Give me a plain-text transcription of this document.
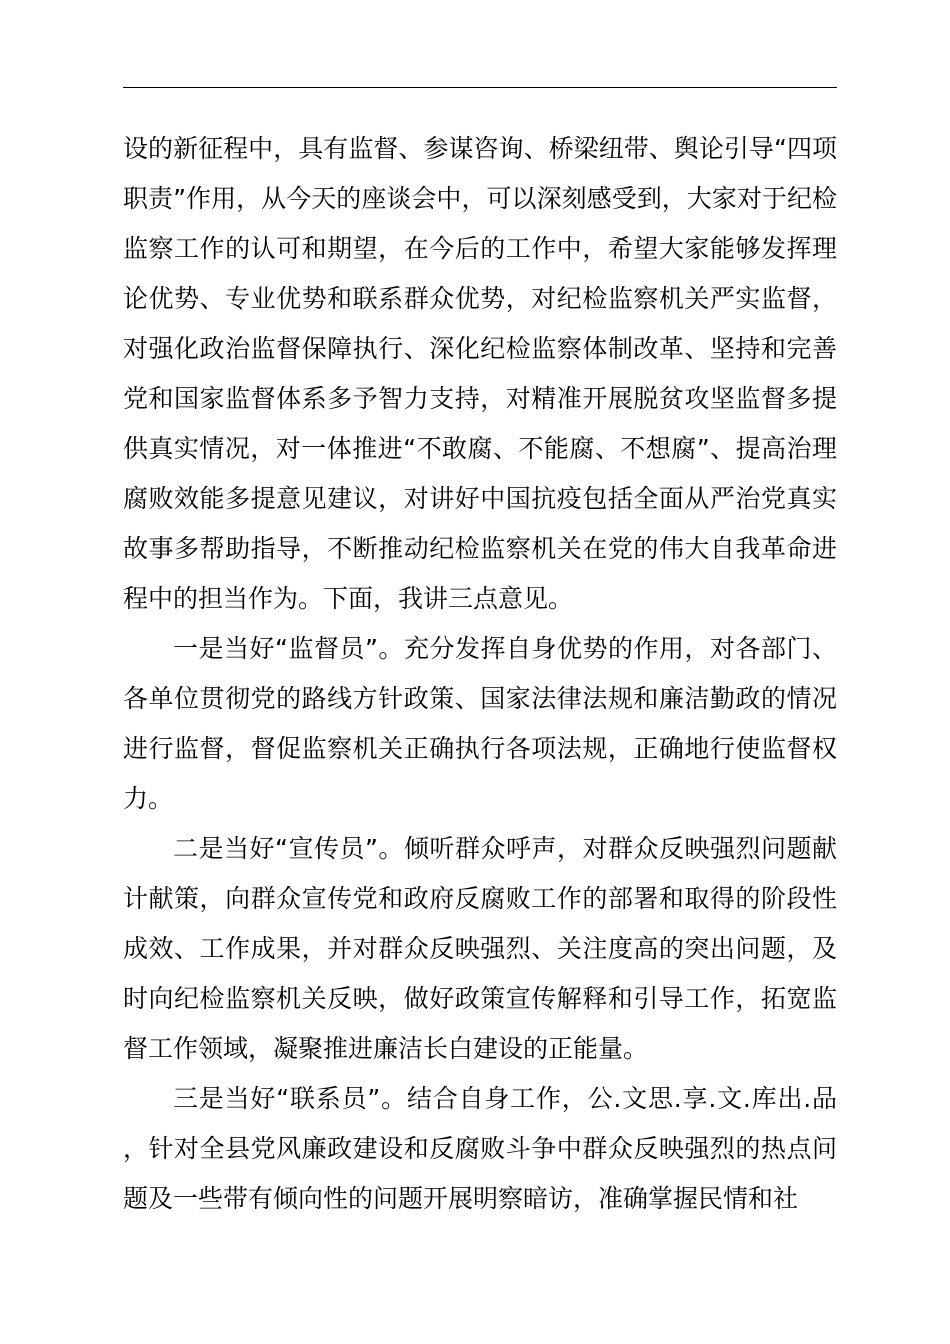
设的新征程中，具有监督、参谋咨询、桥梁纽带、舆论引导“四项职责”作用，从今天的座谈会中，可以深刻感受到，大家对于纪检监察工作的认可和期望，在今后的工作中，希望大家能够发挥理论优势、专业优势和联系群众优势，对纪检监察机关严实监督，对强化政治监督保障执行、深化纪检监察体制改革、坚持和完善党和国家监督体系多予智力支持，对精准开展脱贫攻坚监督多提供真实情况，对一体推进“不敢腐、不能腐、不想腐”、提高治理腐败效能多提意见建议，对讲好中国抗疫包括全面从严治党真实故事多帮助指导，不断推动纪检监察机关在党的伟大自我革命进程中的担当作为。下面，我讲三点意见。

一是当好“监督员”。充分发挥自身优势的作用，对各部门、各单位贯彻党的路线方针政策、国家法律法规和廉洁勤政的情况进行监督，督促监察机关正确执行各项法规，正确地行使监督权力。

二是当好“宣传员”。倾听群众呼声，对群众反映强烈问题献计献策，向群众宣传党和政府反腐败工作的部署和取得的阶段性成效、工作成果，并对群众反映强烈、关注度高的突出问题，及时向纪检监察机关反映，做好政策宣传解释和引导工作，拓宽监督工作领域，凝聚推进廉洁长白建设的正能量。

三是当好“联系员”。结合自身工作，公.文思.享.文.库出.品，针对全县党风廉政建设和反腐败斗争中群众反映强烈的热点问题及一些带有倾向性的问题开展明察暗访，准确掌握民情和社
